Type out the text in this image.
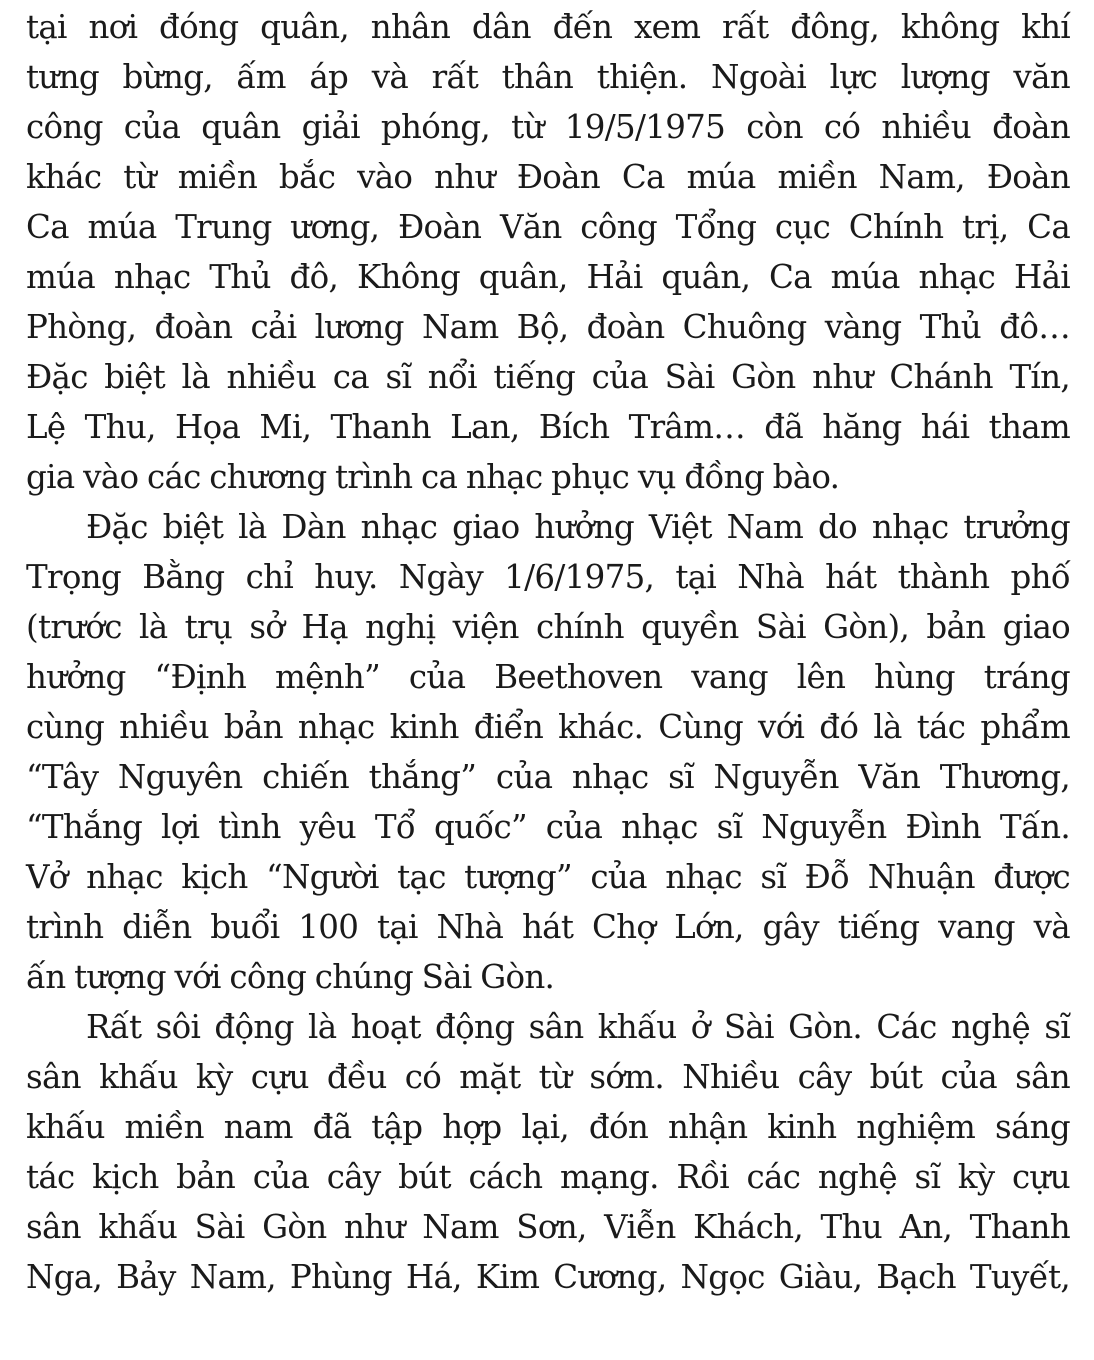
tại nơi đóng quân, nhân dân đến xem rất đông, không khí
tưng bừng, ấm áp và rất thân thiện. Ngoài lực lượng văn
công của quân giải phóng, từ 19/5/1975 còn có nhiều đoàn
khác từ miền bắc vào như Đoàn Ca múa miền Nam, Đoàn
Ca múa Trung ương, Đoàn Văn công Tổng cục Chính trị, Ca
múa nhạc Thủ đô, Không quân, Hải quân, Ca múa nhạc Hải
Phòng, đoàn cải lương Nam Bộ, đoàn Chuông vàng Thủ đô…
Đặc biệt là nhiều ca sĩ nổi tiếng của Sài Gòn như Chánh Tín,
Lệ Thu, Họa Mi, Thanh Lan, Bích Trâm… đã hăng hái tham
gia vào các chương trình ca nhạc phục vụ đồng bào.

Đặc biệt là Dàn nhạc giao hưởng Việt Nam do nhạc trưởng
Trọng Bằng chỉ huy. Ngày 1/6/1975, tại Nhà hát thành phố
(trước là trụ sở Hạ nghị viện chính quyền Sài Gòn), bản giao
hưởng “Định mệnh” của Beethoven vang lên hùng tráng
cùng nhiều bản nhạc kinh điển khác. Cùng với đó là tác phẩm
“Tây Nguyên chiến thắng” của nhạc sĩ Nguyễn Văn Thương,
“Thắng lợi tình yêu Tổ quốc” của nhạc sĩ Nguyễn Đình Tấn.
Vở nhạc kịch “Người tạc tượng” của nhạc sĩ Đỗ Nhuận được
trình diễn buổi 100 tại Nhà hát Chợ Lớn, gây tiếng vang và
ấn tượng với công chúng Sài Gòn.

Rất sôi động là hoạt động sân khấu ở Sài Gòn. Các nghệ sĩ
sân khấu kỳ cựu đều có mặt từ sớm. Nhiều cây bút của sân
khấu miền nam đã tập hợp lại, đón nhận kinh nghiệm sáng
tác kịch bản của cây bút cách mạng. Rồi các nghệ sĩ kỳ cựu
sân khấu Sài Gòn như Nam Sơn, Viễn Khách, Thu An, Thanh
Nga, Bảy Nam, Phùng Há, Kim Cương, Ngọc Giàu, Bạch Tuyết,
